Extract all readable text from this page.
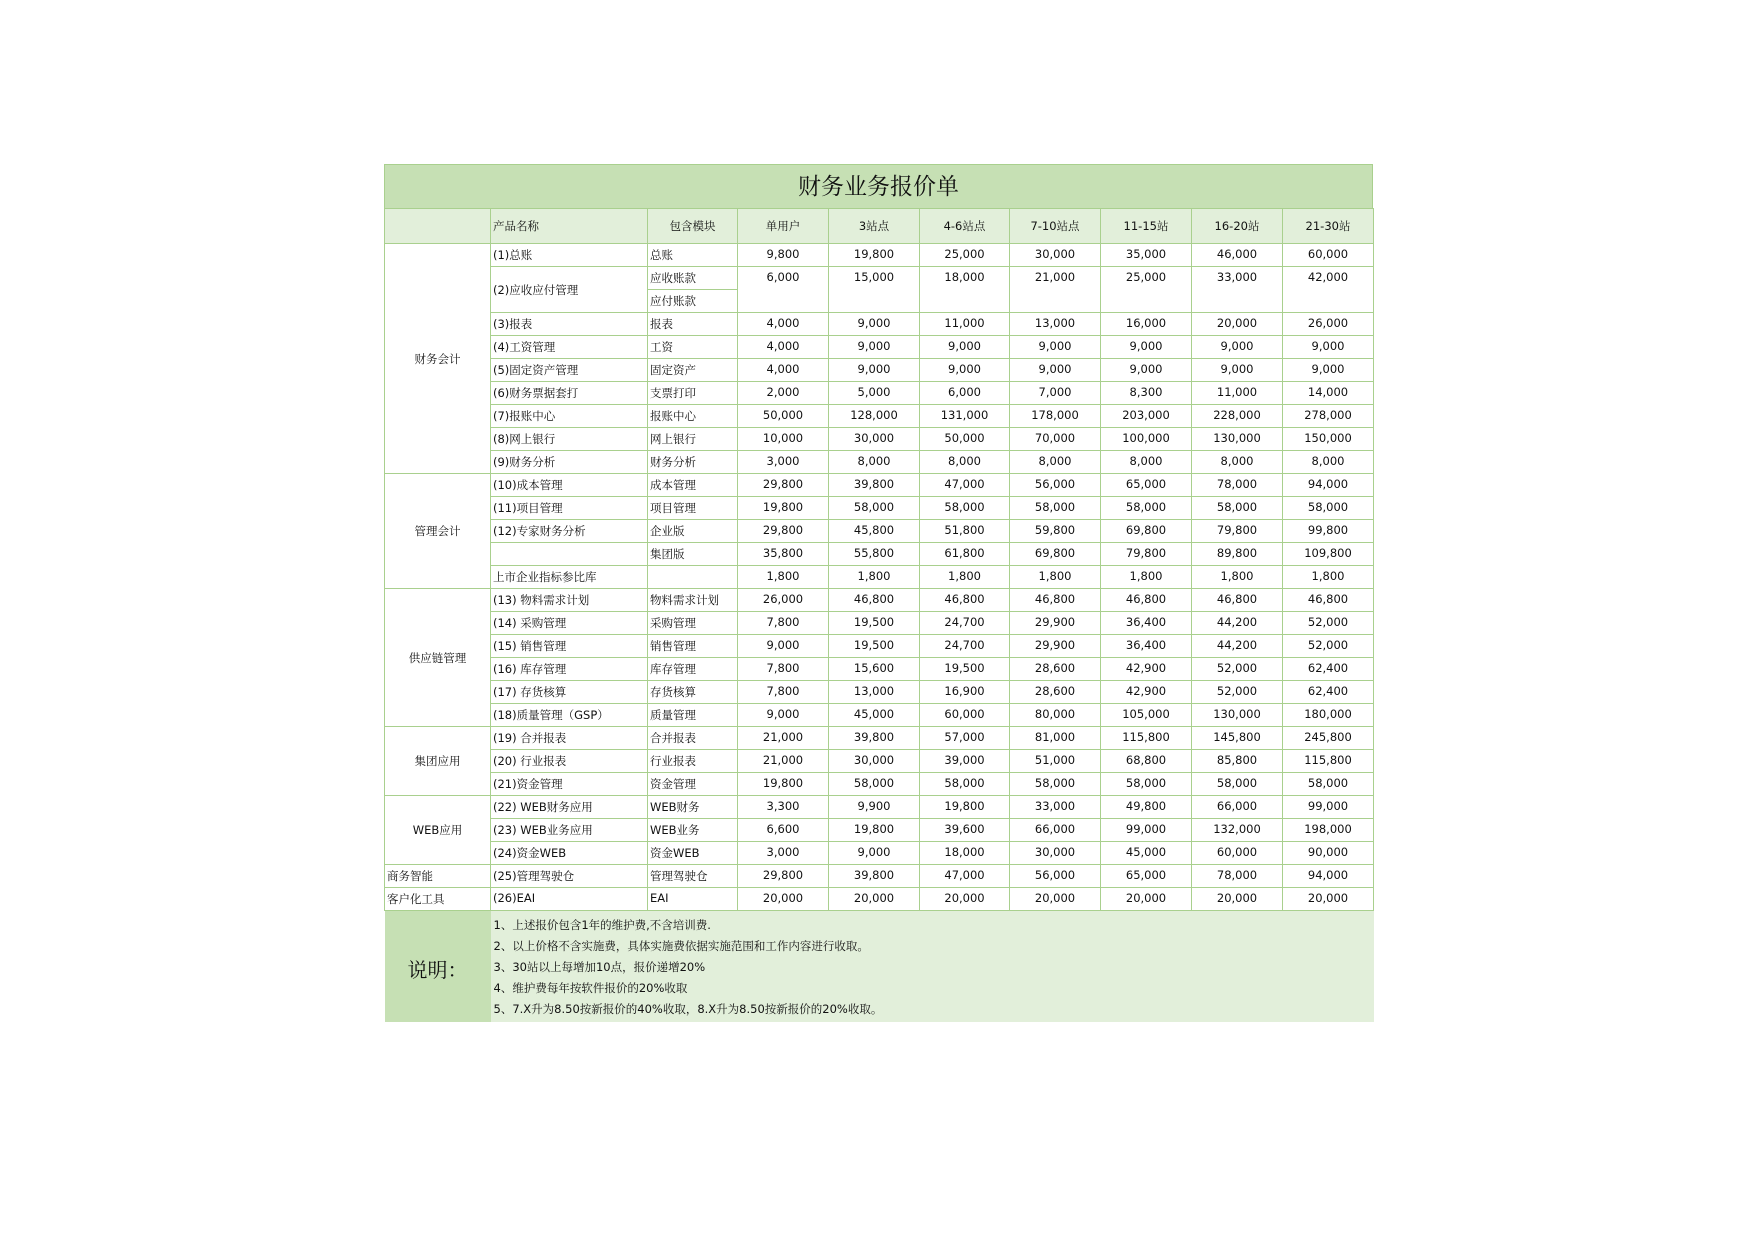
财务业务报价单
	产品名称	包含模块	单用户	3站点	4-6站点	7-10站点	11-15站	16-20站	21-30站
财务会计	(1)总账	总账	9,800	19,800	25,000	30,000	35,000	46,000	60,000
	(2)应收应付管理	应收账款	6,000	15,000	18,000	21,000	25,000	33,000	42,000
		应付账款							
	(3)报表	报表	4,000	9,000	11,000	13,000	16,000	20,000	26,000
	(4)工资管理	工资	4,000	9,000	9,000	9,000	9,000	9,000	9,000
	(5)固定资产管理	固定资产	4,000	9,000	9,000	9,000	9,000	9,000	9,000
	(6)财务票据套打	支票打印	2,000	5,000	6,000	7,000	8,300	11,000	14,000
	(7)报账中心	报账中心	50,000	128,000	131,000	178,000	203,000	228,000	278,000
	(8)网上银行	网上银行	10,000	30,000	50,000	70,000	100,000	130,000	150,000
	(9)财务分析	财务分析	3,000	8,000	8,000	8,000	8,000	8,000	8,000
管理会计	(10)成本管理	成本管理	29,800	39,800	47,000	56,000	65,000	78,000	94,000
	(11)项目管理	项目管理	19,800	58,000	58,000	58,000	58,000	58,000	58,000
	(12)专家财务分析	企业版	29,800	45,800	51,800	59,800	69,800	79,800	99,800
		集团版	35,800	55,800	61,800	69,800	79,800	89,800	109,800
	上市企业指标参比库		1,800	1,800	1,800	1,800	1,800	1,800	1,800
供应链管理	(13) 物料需求计划	物料需求计划	26,000	46,800	46,800	46,800	46,800	46,800	46,800
	(14) 采购管理	采购管理	7,800	19,500	24,700	29,900	36,400	44,200	52,000
	(15) 销售管理	销售管理	9,000	19,500	24,700	29,900	36,400	44,200	52,000
	(16) 库存管理	库存管理	7,800	15,600	19,500	28,600	42,900	52,000	62,400
	(17) 存货核算	存货核算	7,800	13,000	16,900	28,600	42,900	52,000	62,400
	(18)质量管理（GSP）	质量管理	9,000	45,000	60,000	80,000	105,000	130,000	180,000
集团应用	(19) 合并报表	合并报表	21,000	39,800	57,000	81,000	115,800	145,800	245,800
	(20) 行业报表	行业报表	21,000	30,000	39,000	51,000	68,800	85,800	115,800
	(21)资金管理	资金管理	19,800	58,000	58,000	58,000	58,000	58,000	58,000
WEB应用	(22) WEB财务应用	WEB财务	3,300	9,900	19,800	33,000	49,800	66,000	99,000
	(23) WEB业务应用	WEB业务	6,600	19,800	39,600	66,000	99,000	132,000	198,000
	(24)资金WEB	资金WEB	3,000	9,000	18,000	30,000	45,000	60,000	90,000
商务智能	(25)管理驾驶仓	管理驾驶仓	29,800	39,800	47,000	56,000	65,000	78,000	94,000
客户化工具	(26)EAI	EAI	20,000	20,000	20,000	20,000	20,000	20,000	20,000
说明：	1、上述报价包含1年的维护费,不含培训费.
2、以上价格不含实施费，具体实施费依据实施范围和工作内容进行收取。
3、30站以上每增加10点，报价递增20%
4、维护费每年按软件报价的20%收取
5、7.X升为8.50按新报价的40%收取，8.X升为8.50按新报价的20%收取。								
